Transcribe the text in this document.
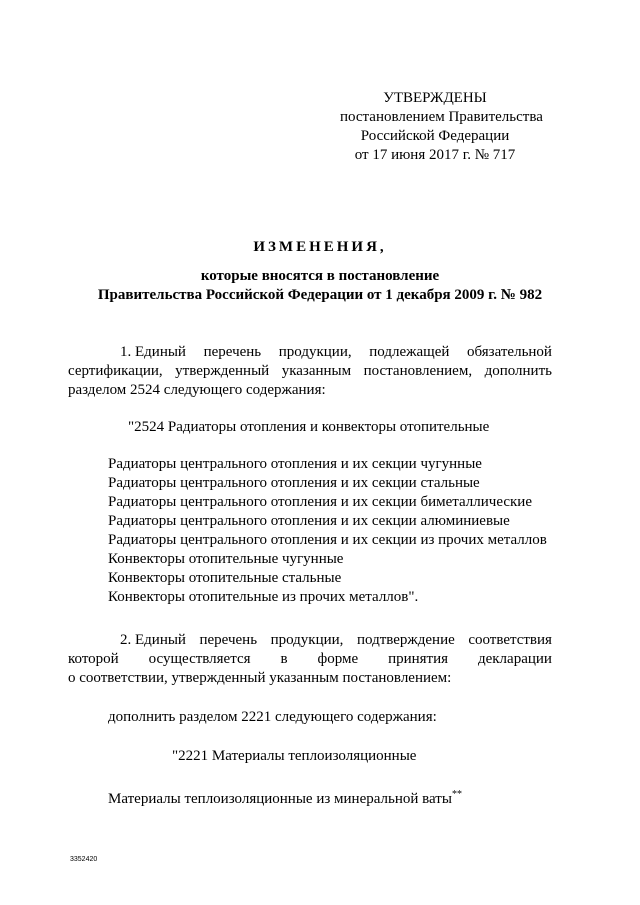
УТВЕРЖДЕНЫ
постановлением Правительства
Российской Федерации
от 17 июня 2017 г. № 717
ИЗМЕНЕНИЯ,
которые вносятся в постановление
Правительства Российской Федерации от 1 декабря 2009 г. № 982
1. Единый перечень продукции, подлежащей обязательной
сертификации, утвержденный указанным постановлением, дополнить
разделом 2524 следующего содержания:
"2524 Радиаторы отопления и конвекторы отопительные
Радиаторы центрального отопления и их секции чугунные
Радиаторы центрального отопления и их секции стальные
Радиаторы центрального отопления и их секции биметаллические
Радиаторы центрального отопления и их секции алюминиевые
Радиаторы центрального отопления и их секции из прочих металлов
Конвекторы отопительные чугунные
Конвекторы отопительные стальные
Конвекторы отопительные из прочих металлов".
2. Единый перечень продукции, подтверждение соответствия
которой осуществляется в форме принятия декларации
о соответствии, утвержденный указанным постановлением:
дополнить разделом 2221 следующего содержания:
"2221 Материалы теплоизоляционные
Материалы теплоизоляционные из минеральной ваты**
3352420
